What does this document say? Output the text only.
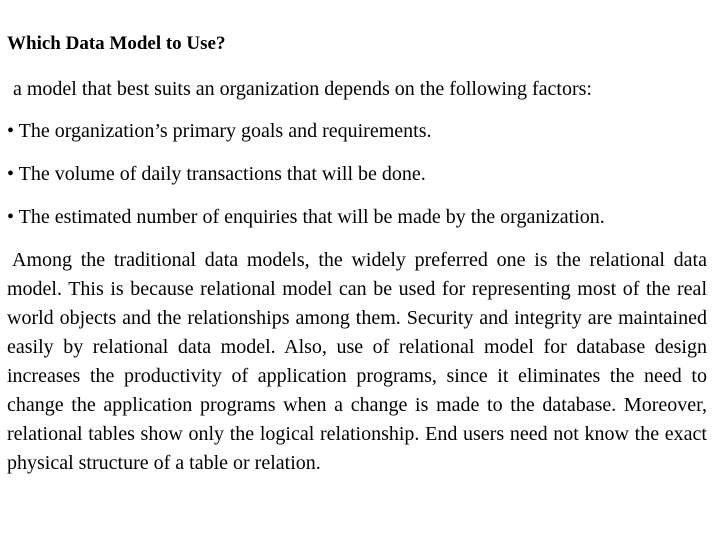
Which Data Model to Use?
a model that best suits an organization depends on the following factors:
• The organization’s primary goals and requirements.
• The volume of daily transactions that will be done.
• The estimated number of enquiries that will be made by the organization.
Among the traditional data models, the widely preferred one is the relational data model. This is because relational model can be used for representing most of the real world objects and the relationships among them. Security and integrity are maintained easily by relational data model. Also, use of relational model for database design increases the productivity of application programs, since it eliminates the need to change the application programs when a change is made to the database. Moreover, relational tables show only the logical relationship. End users need not know the exact physical structure of a table or relation.
